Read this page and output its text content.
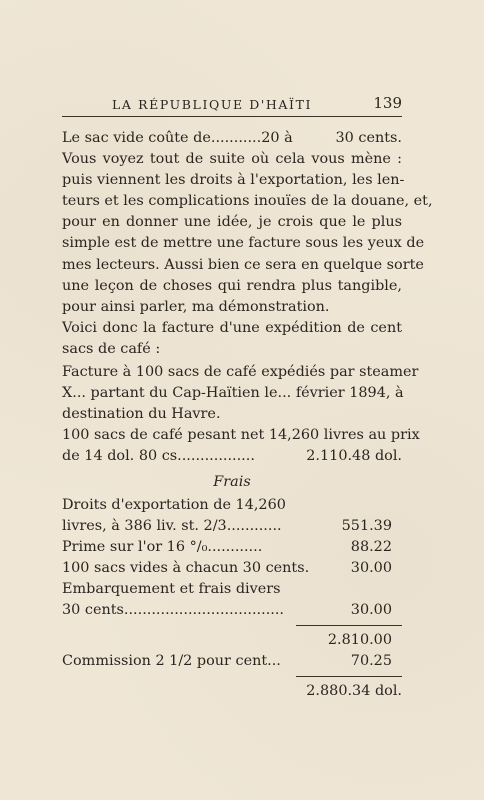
LA RÉPUBLIQUE D'HAÏTI	139
Le sac vide coûte de...........20 à	30 cents.
Vous voyez tout de suite où cela vous mène :
puis viennent les droits à l'exportation, les len-
teurs et les complications inouïes de la douane, et,
pour en donner une idée, je crois que le plus
simple est de mettre une facture sous les yeux de
mes lecteurs. Aussi bien ce sera en quelque sorte
une leçon de choses qui rendra plus tangible,
pour ainsi parler, ma démonstration.
Voici donc la facture d'une expédition de cent
sacs de café :
Facture à 100 sacs de café expédiés par steamer
X... partant du Cap-Haïtien le... février 1894, à
destination du Havre.
100 sacs de café pesant net 14,260 livres au prix
de 14 dol. 80 cs.................	2.110.48 dol.
Frais
Droits d'exportation de 14,260
livres, à 386 liv. st. 2/3............	551.39
Prime sur l'or 16 °/₀............	88.22
100 sacs vides à chacun 30 cents.	30.00
Embarquement et frais divers
30 cents...................................	30.00
2.810.00
Commission 2 1/2 pour cent...	70.25
2.880.34 dol.
